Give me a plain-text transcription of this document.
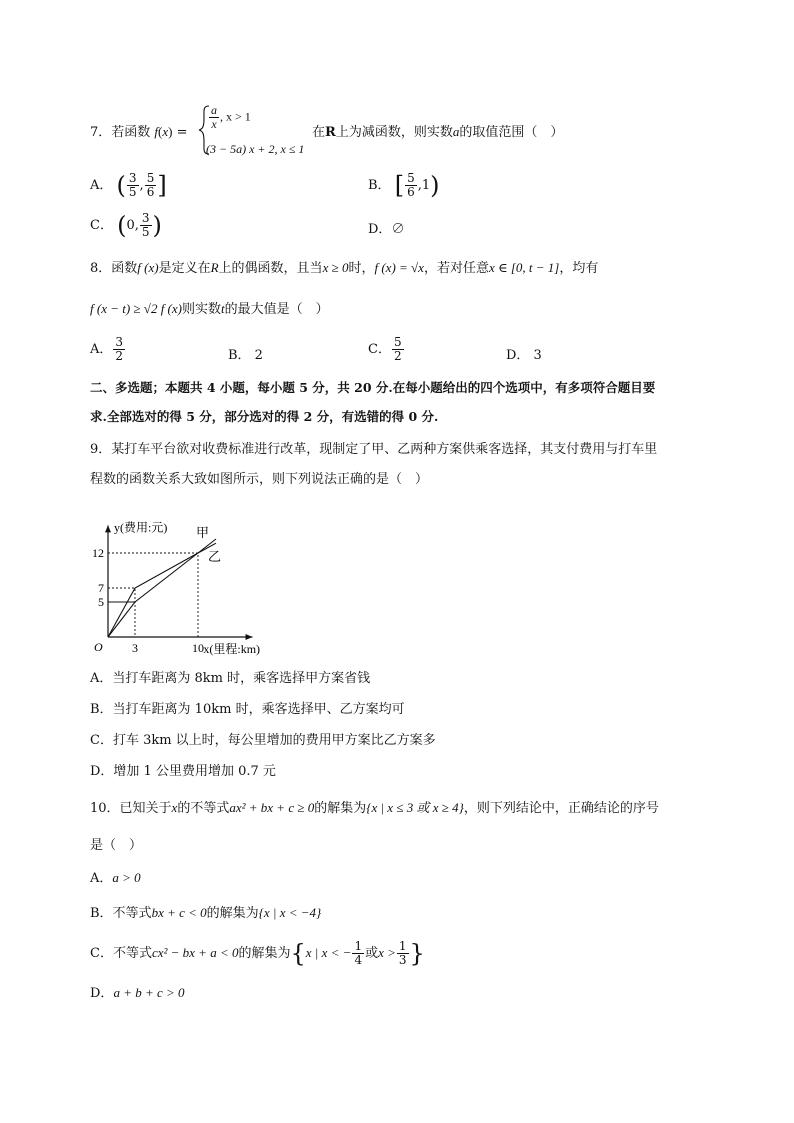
7．若函数 f(x) =
$\frac{a}{x}$ , x > 1
(3 − 5a) x + 2, x ≤ 1
在R上为减函数，则实数a的取值范围（　）
A． ( $\frac{3}{5}$ , $\frac{5}{6}$ ]	B． [ $\frac{5}{6} ,1$)
C． (0, $\frac{3}{5}$ )	D．∅
8．函数f (x)是定义在R上的偶函数，且当x ≥ 0时，f (x) = √x，若对任意x ∈ [0, t − 1]，均有
f (x − t) ≥ √2 f (x)则实数t的最大值是（　）
A． $\frac{3}{2}$	B． 2	C． $\frac{5}{2}$	D． 3
二、多选题；本题共 4 小题，每小题 5 分，共 20 分.在每小题给出的四个选项中，有多项符合题目要
求.全部选对的得 5 分，部分选对的得 2 分，有选错的得 0 分.
9．某打车平台欲对收费标准进行改革，现制定了甲、乙两种方案供乘客选择，其支付费用与打车里
程数的函数关系大致如图所示，则下列说法正确的是（　）
y(费用:元)
x(里程:km)
O 3	10
5
7
12
甲
乙
A．当打车距离为 8km 时，乘客选择甲方案省钱
B．当打车距离为 10km 时，乘客选择甲、乙方案均可
C．打车 3km 以上时，每公里增加的费用甲方案比乙方案多
D．增加 1 公里费用增加 0.7 元
10．已知关于x的不等式ax² + bx + c ≥ 0的解集为{x | x ≤ 3 或 x ≥ 4}，则下列结论中，正确结论的序号
是（　）
A．a > 0
B．不等式bx + c < 0的解集为{x | x < −4}
C．不等式cx² − bx + a < 0的解集为{x | x < − $\frac{1}{4}$ 或$x > \frac{1}{3}$ }
D．a + b + c > 0
